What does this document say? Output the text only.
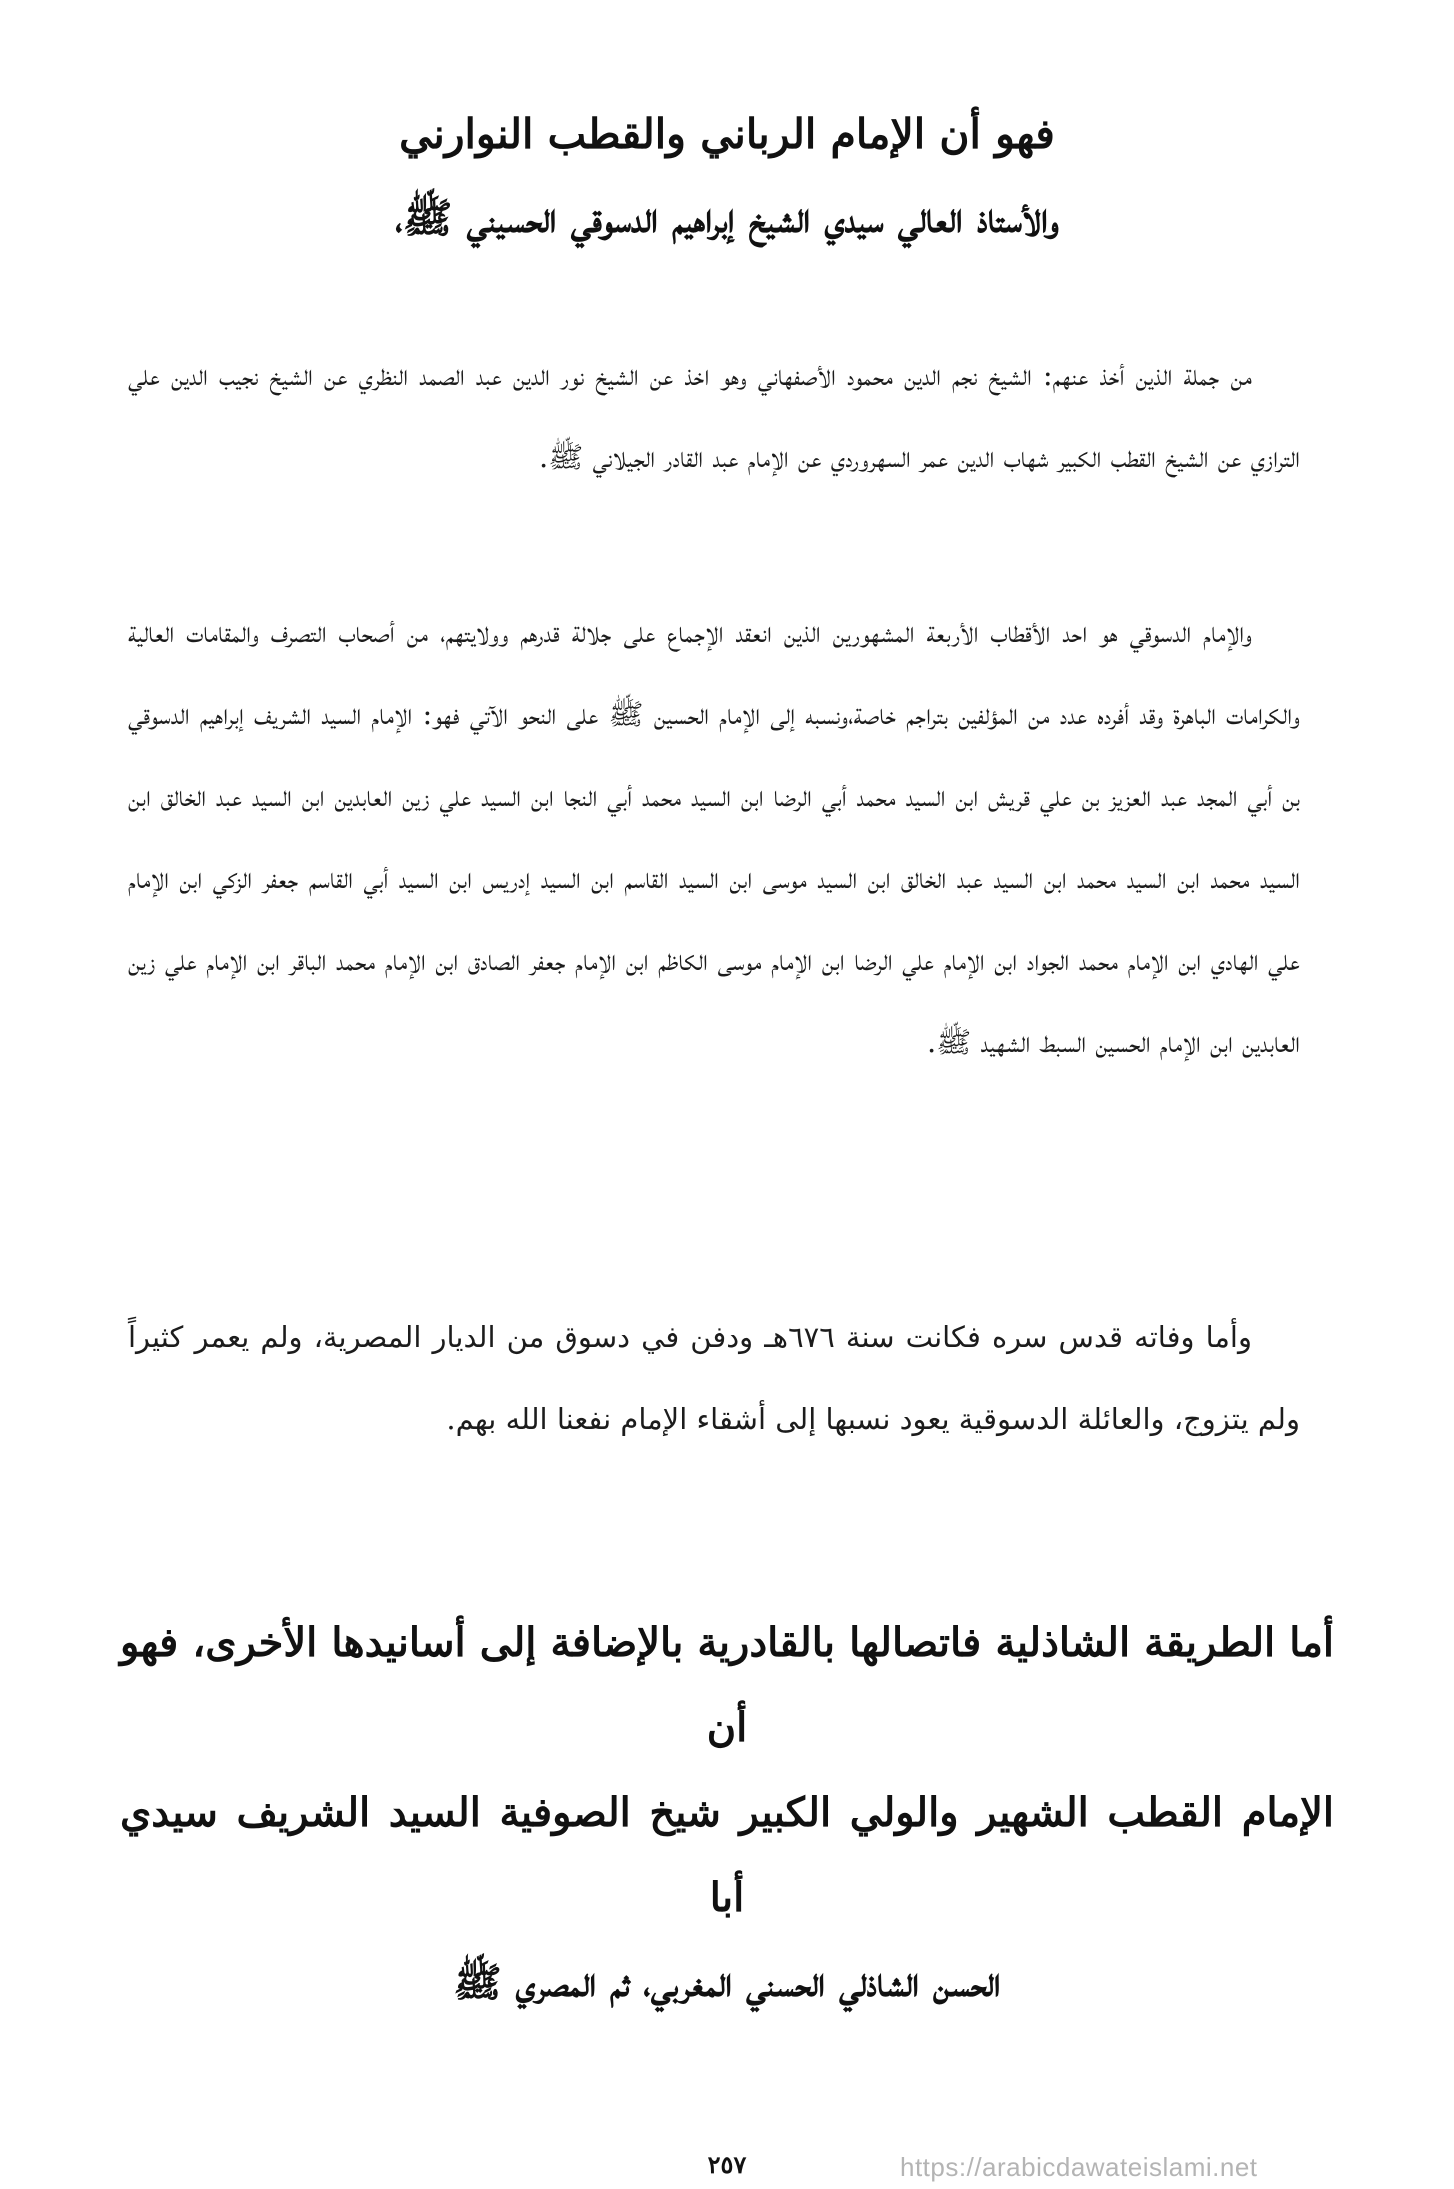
فهو أن الإمام الرباني والقطب النوارني
والأستاذ العالي سيدي الشيخ إبراهيم الدسوقي الحسيني ﷺ،
من جملة الذين أخذ عنهم: الشيخ نجم الدين محمود الأصفهاني وهو اخذ عن الشيخ نور الدين عبد الصمد النظري عن الشيخ نجيب الدين علي الترازي عن الشيخ القطب الكبير شهاب الدين عمر السهروردي عن الإمام عبد القادر الجيلاني ﷺ.
والإمام الدسوقي هو احد الأقطاب الأربعة المشهورين الذين انعقد الإجماع على جلالة قدرهم وولايتهم، من أصحاب التصرف والمقامات العالية والكرامات الباهرة وقد أفرده عدد من المؤلفين بتراجم خاصة،ونسبه إلى الإمام الحسين ﷺ على النحو الآتي فهو: الإمام السيد الشريف إبراهيم الدسوقي بن أبي المجد عبد العزيز بن علي قريش ابن السيد محمد أبي الرضا ابن السيد محمد أبي النجا ابن السيد علي زين العابدين ابن السيد عبد الخالق ابن السيد محمد ابن السيد محمد ابن السيد عبد الخالق ابن السيد موسى ابن السيد القاسم ابن السيد إدريس ابن السيد أبي القاسم جعفر الزكي ابن الإمام علي الهادي ابن الإمام محمد الجواد ابن الإمام علي الرضا ابن الإمام موسى الكاظم ابن الإمام جعفر الصادق ابن الإمام محمد الباقر ابن الإمام علي زين العابدين ابن الإمام الحسين السبط الشهيد ﷺ.
وأما وفاته قدس سره فكانت سنة ٦٧٦هـ ودفن في دسوق من الديار المصرية، ولم يعمر كثيراً ولم يتزوج، والعائلة الدسوقية يعود نسبها إلى أشقاء الإمام نفعنا الله بهم.
أما الطريقة الشاذلية فاتصالها بالقادرية بالإضافة إلى أسانيدها الأخرى، فهو أن
الإمام القطب الشهير والولي الكبير شيخ الصوفية السيد الشريف سيدي أبا
الحسن الشاذلي الحسني المغربي، ثم المصري ﷺ
٢٥٧	https://arabicdawateislami.net
